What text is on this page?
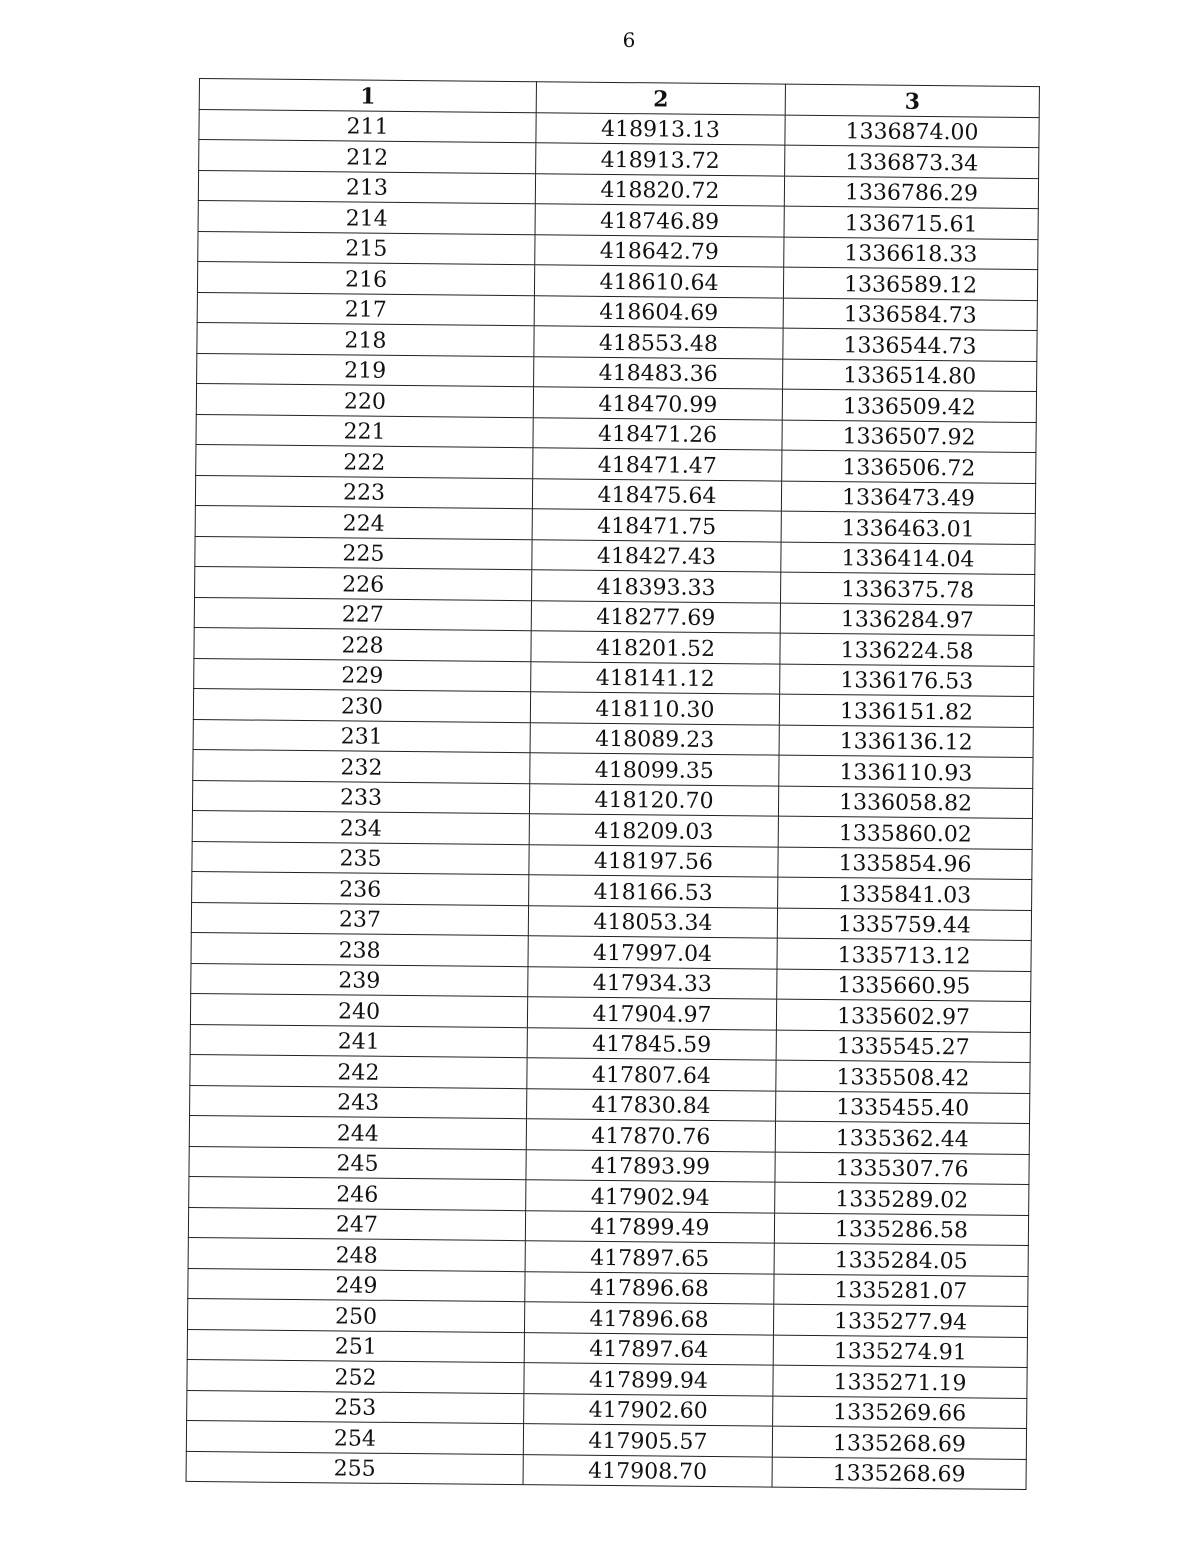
6
1	2	3
211	418913.13	1336874.00
212	418913.72	1336873.34
213	418820.72	1336786.29
214	418746.89	1336715.61
215	418642.79	1336618.33
216	418610.64	1336589.12
217	418604.69	1336584.73
218	418553.48	1336544.73
219	418483.36	1336514.80
220	418470.99	1336509.42
221	418471.26	1336507.92
222	418471.47	1336506.72
223	418475.64	1336473.49
224	418471.75	1336463.01
225	418427.43	1336414.04
226	418393.33	1336375.78
227	418277.69	1336284.97
228	418201.52	1336224.58
229	418141.12	1336176.53
230	418110.30	1336151.82
231	418089.23	1336136.12
232	418099.35	1336110.93
233	418120.70	1336058.82
234	418209.03	1335860.02
235	418197.56	1335854.96
236	418166.53	1335841.03
237	418053.34	1335759.44
238	417997.04	1335713.12
239	417934.33	1335660.95
240	417904.97	1335602.97
241	417845.59	1335545.27
242	417807.64	1335508.42
243	417830.84	1335455.40
244	417870.76	1335362.44
245	417893.99	1335307.76
246	417902.94	1335289.02
247	417899.49	1335286.58
248	417897.65	1335284.05
249	417896.68	1335281.07
250	417896.68	1335277.94
251	417897.64	1335274.91
252	417899.94	1335271.19
253	417902.60	1335269.66
254	417905.57	1335268.69
255	417908.70	1335268.69
